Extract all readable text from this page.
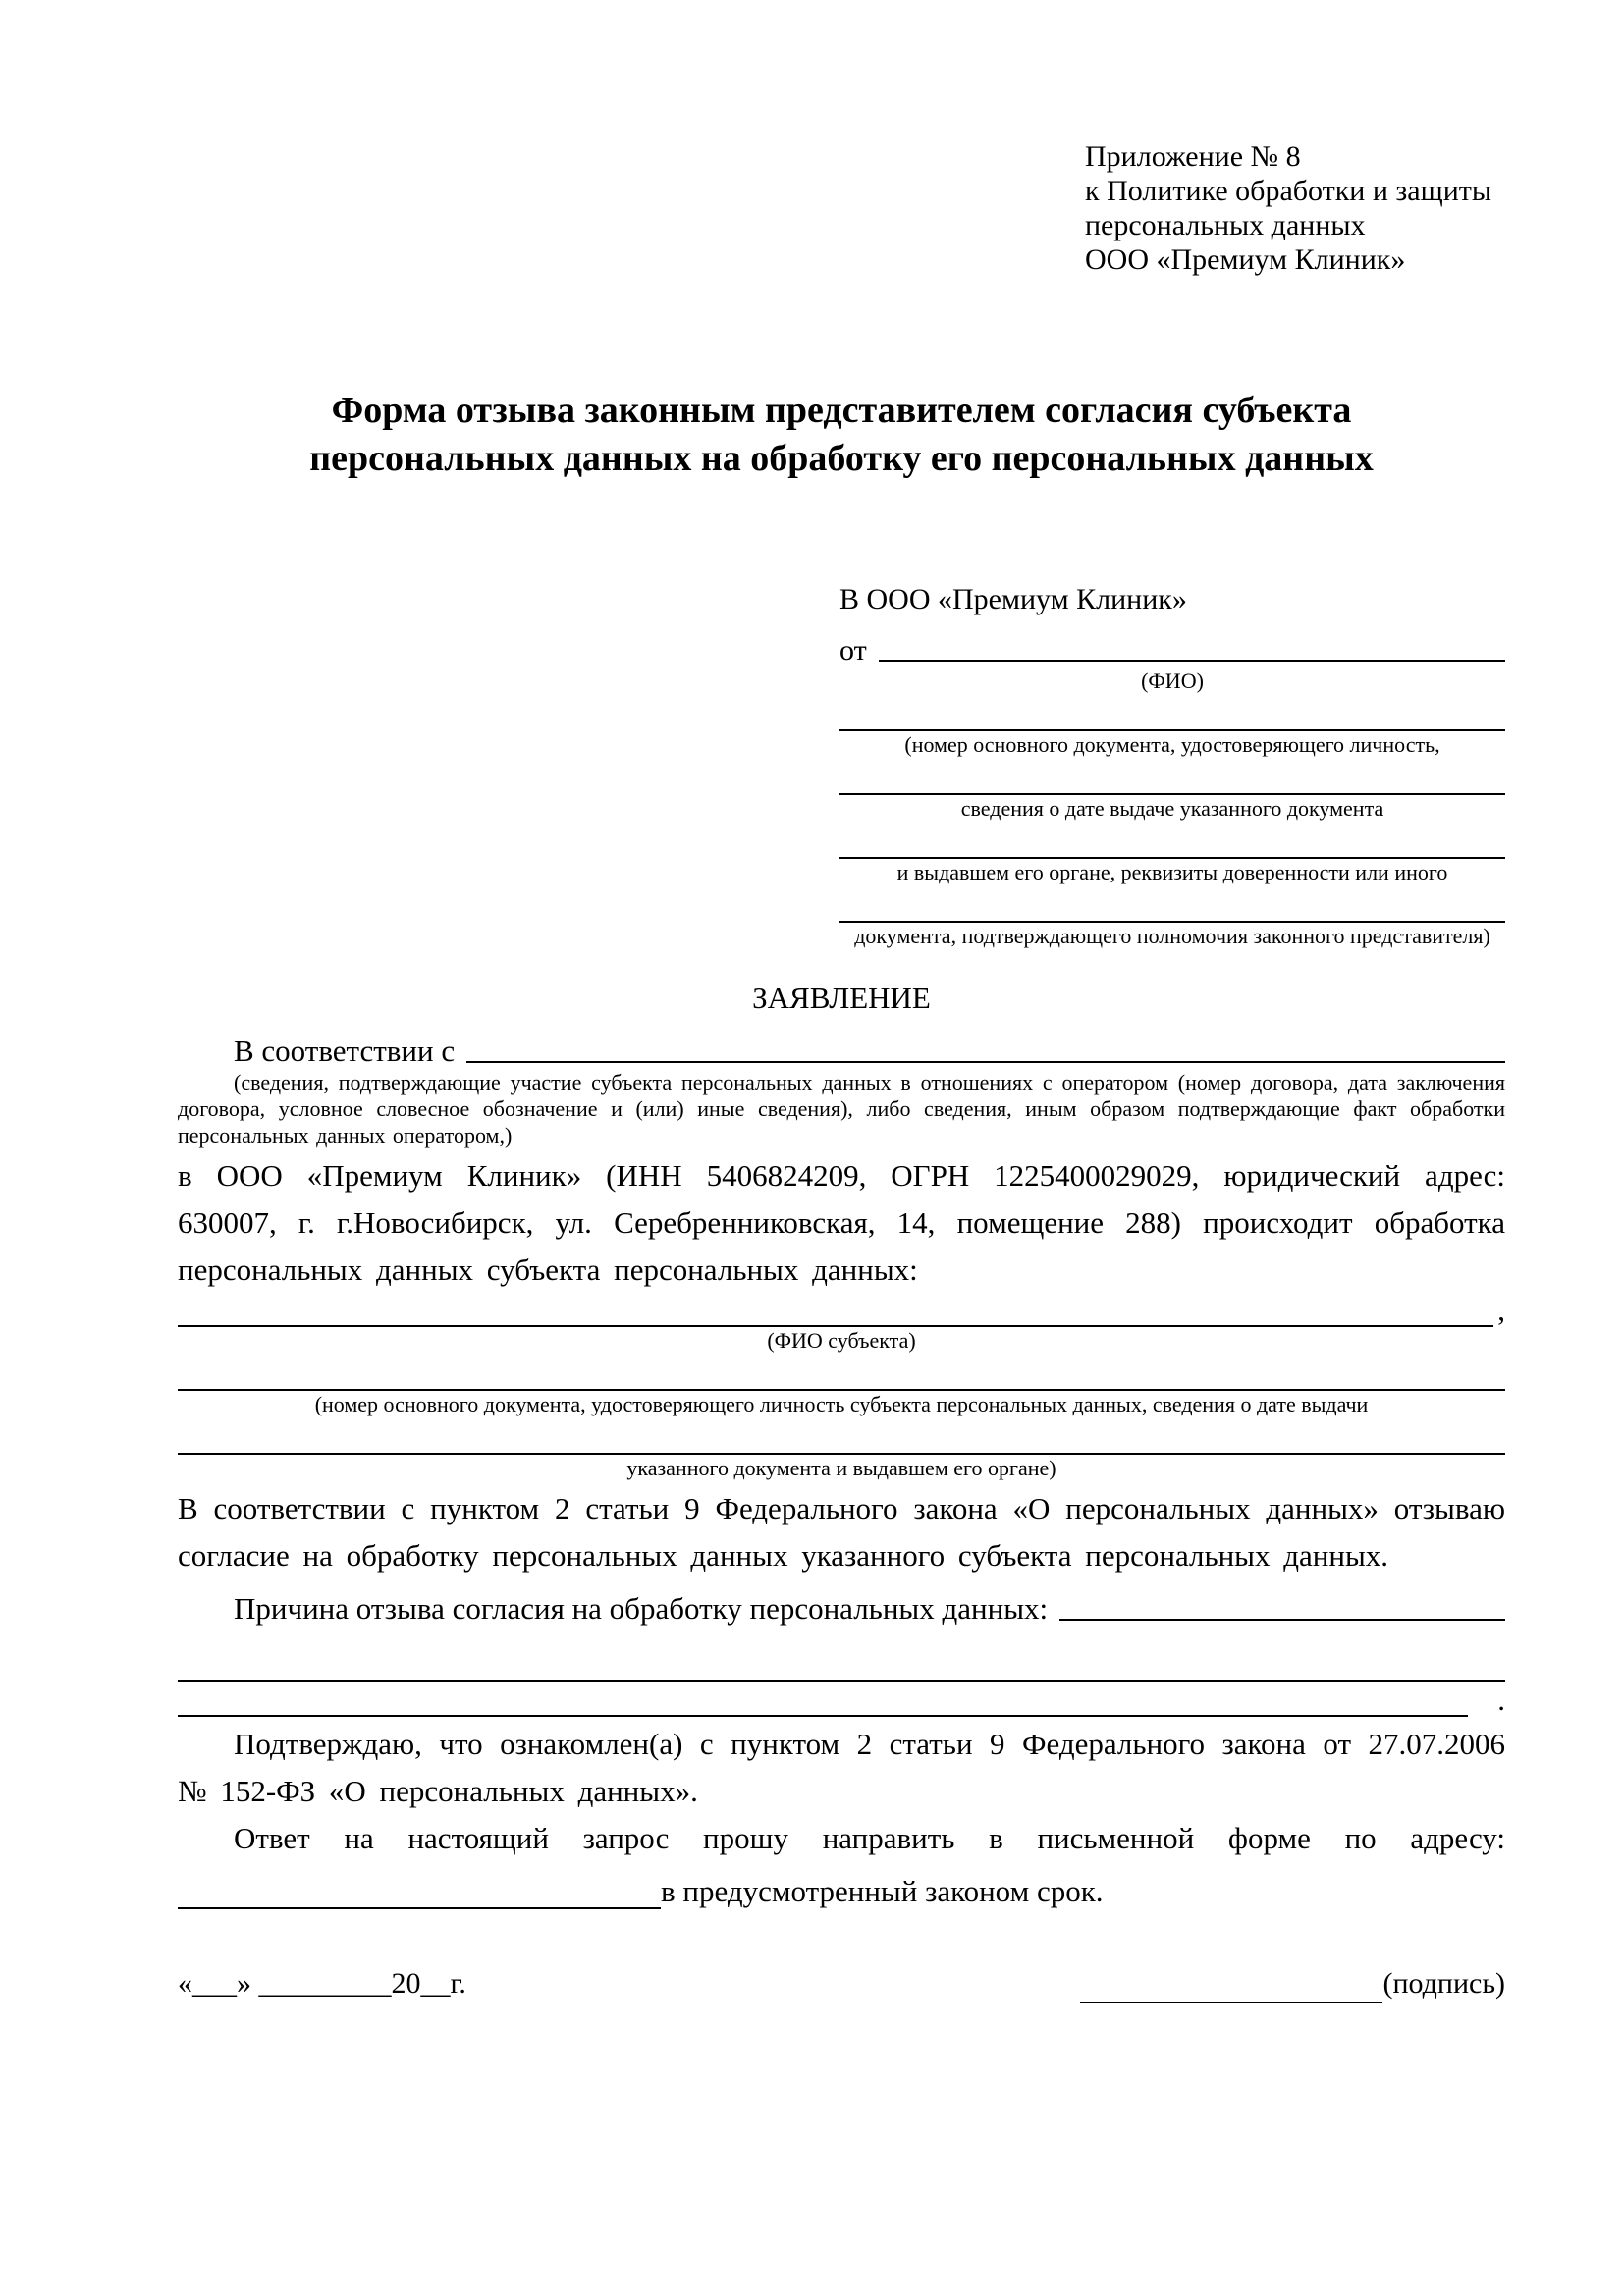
Приложение № 8
к Политике обработки и защиты
персональных данных
ООО «Премиум Клиник»
Форма отзыва законным представителем согласия субъекта персональных данных на обработку его персональных данных
В ООО «Премиум Клиник»
от
(ФИО)
(номер основного документа, удостоверяющего личность,
сведения о дате выдаче указанного документа
и выдавшем его органе, реквизиты доверенности или иного
документа, подтверждающего полномочия законного представителя)
ЗАЯВЛЕНИЕ
В соответствии с

(сведения, подтверждающие участие субъекта персональных данных в отношениях с оператором (номер договора, дата заключения договора, условное словесное обозначение и (или) иные сведения), либо сведения, иным образом подтверждающие факт обработки персональных данных оператором,)

в ООО «Премиум Клиник» (ИНН 5406824209, ОГРН 1225400029029, юридический адрес: 630007, г. г.Новосибирск, ул. Серебренниковская, 14, помещение 288) происходит обработка персональных данных субъекта персональных данных:

,
(ФИО субъекта)
(номер основного документа, удостоверяющего личность субъекта персональных данных, сведения о дате выдачи
указанного документа и выдавшем его органе)

В соответствии с пунктом 2 статьи 9 Федерального закона «О персональных данных» отзываю согласие на обработку персональных данных указанного субъекта персональных данных.

Причина отзыва согласия на обработку персональных данных:
.

Подтверждаю, что ознакомлен(а) с пунктом 2 статьи 9 Федерального закона от 27.07.2006 № 152-ФЗ «О персональных данных».

Ответ на настоящий запрос прошу направить в письменной форме по адресу:

в предусмотренный законом срок.
«___» _________20__г.	(подпись)
